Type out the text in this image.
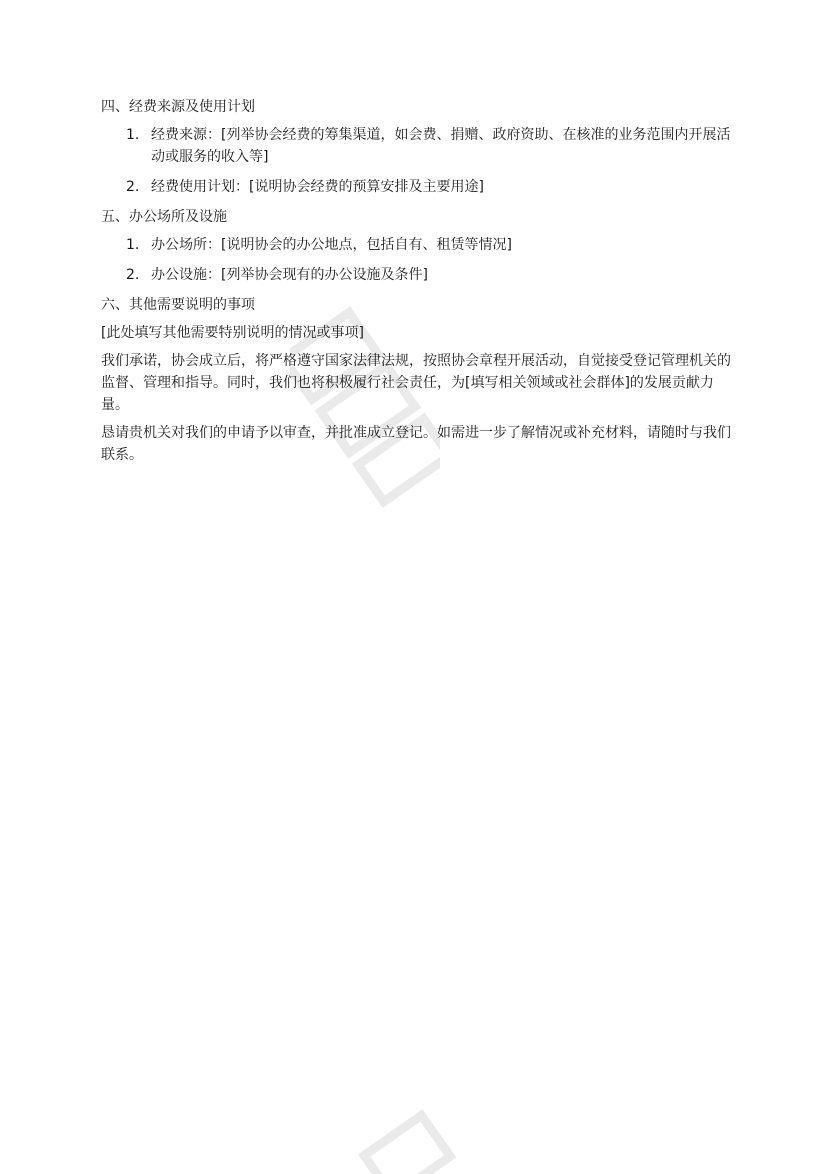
四、经费来源及使用计划
1. 经费来源：[列举协会经费的筹集渠道，如会费、捐赠、政府资助、在核准的业务范围内开展活动或服务的收入等]
2. 经费使用计划：[说明协会经费的预算安排及主要用途]
五、办公场所及设施
1. 办公场所：[说明协会的办公地点，包括自有、租赁等情况]
2. 办公设施：[列举协会现有的办公设施及条件]
六、其他需要说明的事项
[此处填写其他需要特别说明的情况或事项]
我们承诺，协会成立后，将严格遵守国家法律法规，按照协会章程开展活动，自觉接受登记管理机关的监督、管理和指导。同时，我们也将积极履行社会责任，为[填写相关领域或社会群体]的发展贡献力量。
恳请贵机关对我们的申请予以审查，并批准成立登记。如需进一步了解情况或补充材料，请随时与我们联系。
